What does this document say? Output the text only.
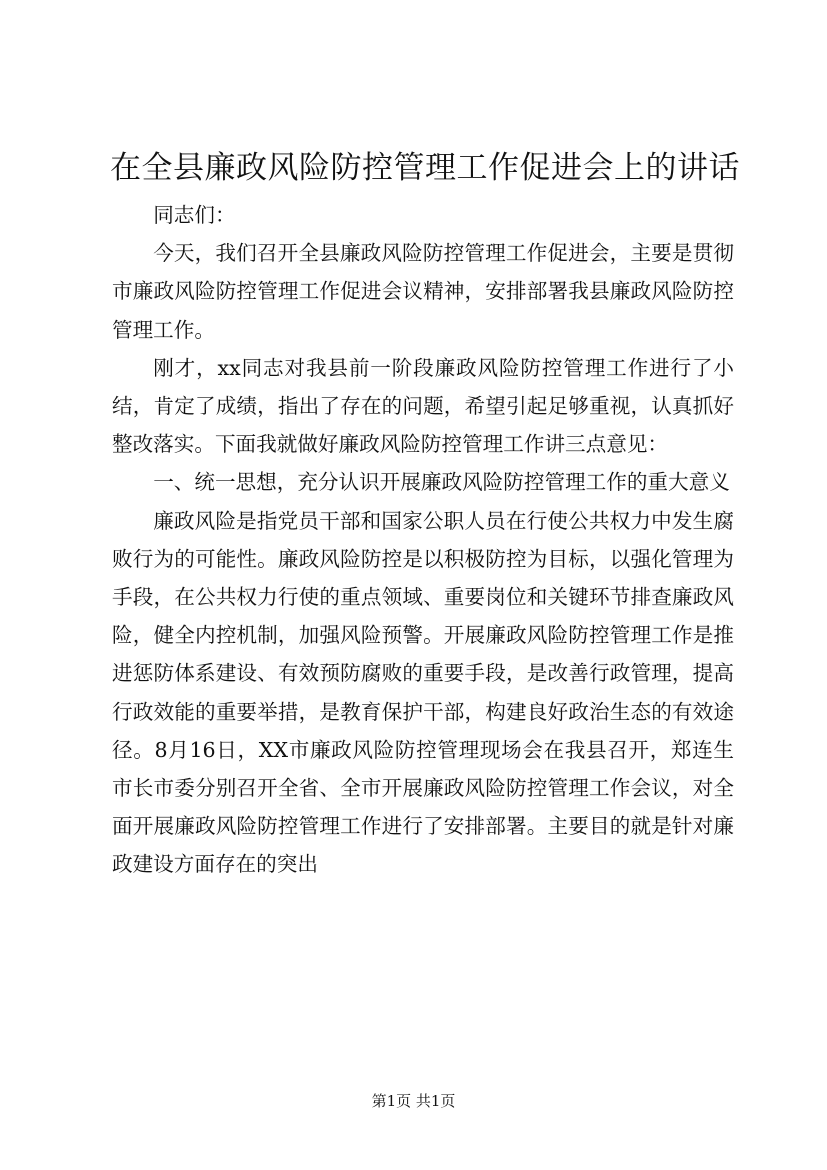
在全县廉政风险防控管理工作促进会上的讲话

同志们：

今天，我们召开全县廉政风险防控管理工作促进会，主要是贯彻市廉政风险防控管理工作促进会议精神，安排部署我县廉政风险防控管理工作。

刚才，xx同志对我县前一阶段廉政风险防控管理工作进行了小结，肯定了成绩，指出了存在的问题，希望引起足够重视，认真抓好整改落实。下面我就做好廉政风险防控管理工作讲三点意见：

一、统一思想，充分认识开展廉政风险防控管理工作的重大意义

廉政风险是指党员干部和国家公职人员在行使公共权力中发生腐败行为的可能性。廉政风险防控是以积极防控为目标，以强化管理为手段，在公共权力行使的重点领域、重要岗位和关键环节排查廉政风险，健全内控机制，加强风险预警。开展廉政风险防控管理工作是推进惩防体系建设、有效预防腐败的重要手段，是改善行政管理，提高行政效能的重要举措，是教育保护干部，构建良好政治生态的有效途径。8月16日，XX市廉政风险防控管理现场会在我县召开，郑连生市长市委分别召开全省、全市开展廉政风险防控管理工作会议，对全面开展廉政风险防控管理工作进行了安排部署。主要目的就是针对廉政建设方面存在的突出

第1页 共1页
